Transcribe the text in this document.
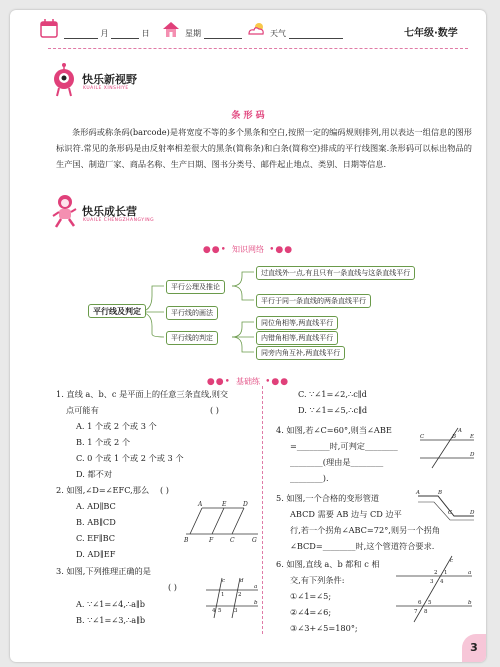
月	日	星期	天气	七年级·数学
快乐新视野
KUAILE XINSHIYE
条 形 码
条形码或称条码(barcode)是将宽度不等的多个黑条和空白,按照一定的编码规则排列,用以表达一组信息的图形标识符.常见的条形码是由反射率相差很大的黑条(简称条)和白条(简称空)排成的平行线图案.条形码可以标出物品的生产国、制造厂家、商品名称、生产日期、图书分类号、邮件起止地点、类别、日期等信息.
快乐成长营
KUAILE CHENGZHANGYING
●●• 知识网络 •●●
平行线及判定
平行公理及推论
平行线的画法
平行线的判定
过直线外一点,有且只有一条直线与这条直线平行
平行于同一条直线的两条直线平行
同位角相等,两直线平行
内错角相等,两直线平行
同旁内角互补,两直线平行
●●• 基础练 •●●
1. 直线 a、b、c 是平面上的任意三条直线,则交
点可能有	( )
A. 1 个或 2 个或 3 个
B. 1 个或 2 个
C. 0 个或 1 个或 2 个或 3 个
D. 都不对
2. 如图,∠D=∠EFC,那么 ( )
A. AD∥BC
B. AB∥CD
C. EF∥BC
D. AD∥EF
A	D
E
B	F	C	G
3. 如图,下列推理正确的是
( )
A. ∵∠1=∠4,∴a∥b
B. ∵∠1=∠3,∴a∥b
a
b
c	d
1 2
3
4 5
C. ∵∠1=∠2,∴c∥d
D. ∵∠1=∠5,∴c∥d
4. 如图,若∠C=60°,则当∠ABE
=________时,可判定________
________(理由是________
________).
A
C	B	E
D
5. 如图,一个合格的变形管道
ABCD 需要 AB 边与 CD 边平
行,若一个拐角∠ABC=72°,则另一个拐角
∠BCD=________时,这个管道符合要求.
A	B
C	D
6. 如图,直线 a、b 都和 c 相
交,有下列条件:
①∠1=∠5;
②∠4=∠6;
③∠3+∠5=180°;
c
a
b
1
2
3 4
5
6
7 8
3
